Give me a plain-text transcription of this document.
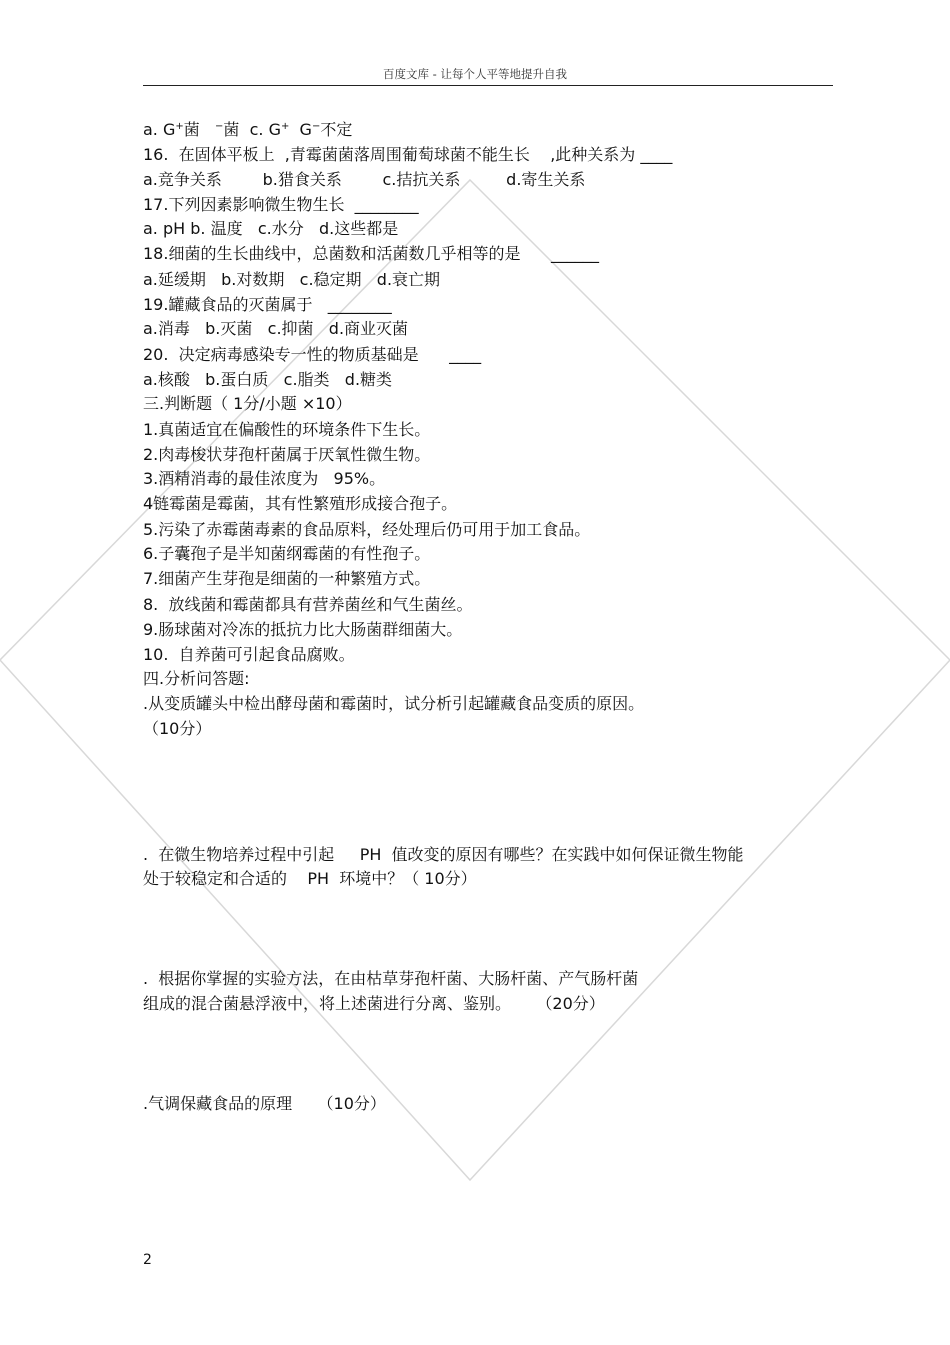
百度文库 - 让每个人平等地提升自我
a. G+菌   −菌  c. G+  G−不定
16.  在固体平板上  ,青霉菌菌落周围葡萄球菌不能生长    ,此种关系为 ____
a.竞争关系        b.猎食关系        c.拮抗关系         d.寄生关系
17.下列因素影响微生物生长  ________
a. pH b. 温度   c.水分   d.这些都是
18.细菌的生长曲线中，总菌数和活菌数几乎相等的是      ______
a.延缓期   b.对数期   c.稳定期   d.衰亡期
19.罐藏食品的灭菌属于   ________
a.消毒   b.灭菌   c.抑菌   d.商业灭菌
20.  决定病毒感染专一性的物质基础是      ____
a.核酸   b.蛋白质   c.脂类   d.糖类
三.判断题（ 1分/小题 ×10）
1.真菌适宜在偏酸性的环境条件下生长。
2.肉毒梭状芽孢杆菌属于厌氧性微生物。
3.酒精消毒的最佳浓度为   95%。
4链霉菌是霉菌，其有性繁殖形成接合孢子。
5.污染了赤霉菌毒素的食品原料，经处理后仍可用于加工食品。
6.子囊孢子是半知菌纲霉菌的有性孢子。
7.细菌产生芽孢是细菌的一种繁殖方式。
8.  放线菌和霉菌都具有营养菌丝和气生菌丝。
9.肠球菌对冷冻的抵抗力比大肠菌群细菌大。
10.  自养菌可引起食品腐败。
四.分析问答题:
.从变质罐头中检出酵母菌和霉菌时，试分析引起罐藏食品变质的原因。
（10分）
.  在微生物培养过程中引起     PH  值改变的原因有哪些？在实践中如何保证微生物能
处于较稳定和合适的    PH  环境中？（ 10分）
.  根据你掌握的实验方法，在由枯草芽孢杆菌、大肠杆菌、产气肠杆菌
组成的混合菌悬浮液中，将上述菌进行分离、鉴别。     （20分）
.气调保藏食品的原理     （10分）
2
